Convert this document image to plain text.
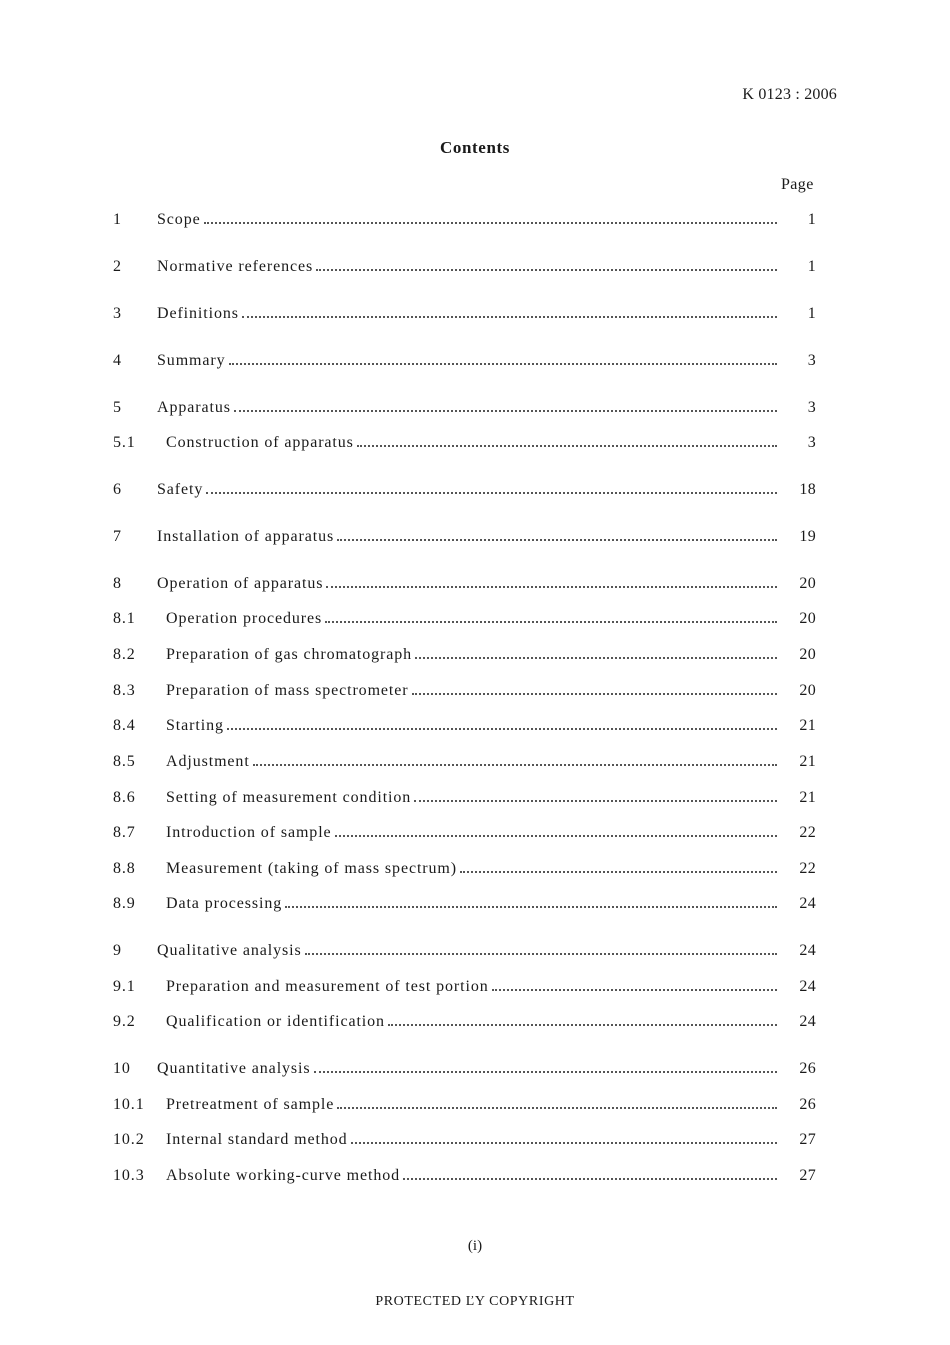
K 0123 : 2006
Contents
Page
1	Scope	1
2	Normative references	1
3	Definitions	1
4	Summary	3
5	Apparatus	3
5.1	Construction of apparatus	3
6	Safety	18
7	Installation of apparatus	19
8	Operation of apparatus	20
8.1	Operation procedures	20
8.2	Preparation of gas chromatograph	20
8.3	Preparation of mass spectrometer	20
8.4	Starting	21
8.5	Adjustment	21
8.6	Setting of measurement condition	21
8.7	Introduction of sample	22
8.8	Measurement (taking of mass spectrum)	22
8.9	Data processing	24
9	Qualitative analysis	24
9.1	Preparation and measurement of test portion	24
9.2	Qualification or identification	24
10	Quantitative analysis	26
10.1	Pretreatment of sample	26
10.2	Internal standard method	27
10.3	Absolute working-curve method	27
(i)
PROTECTED ĽY COPYRIGHT
